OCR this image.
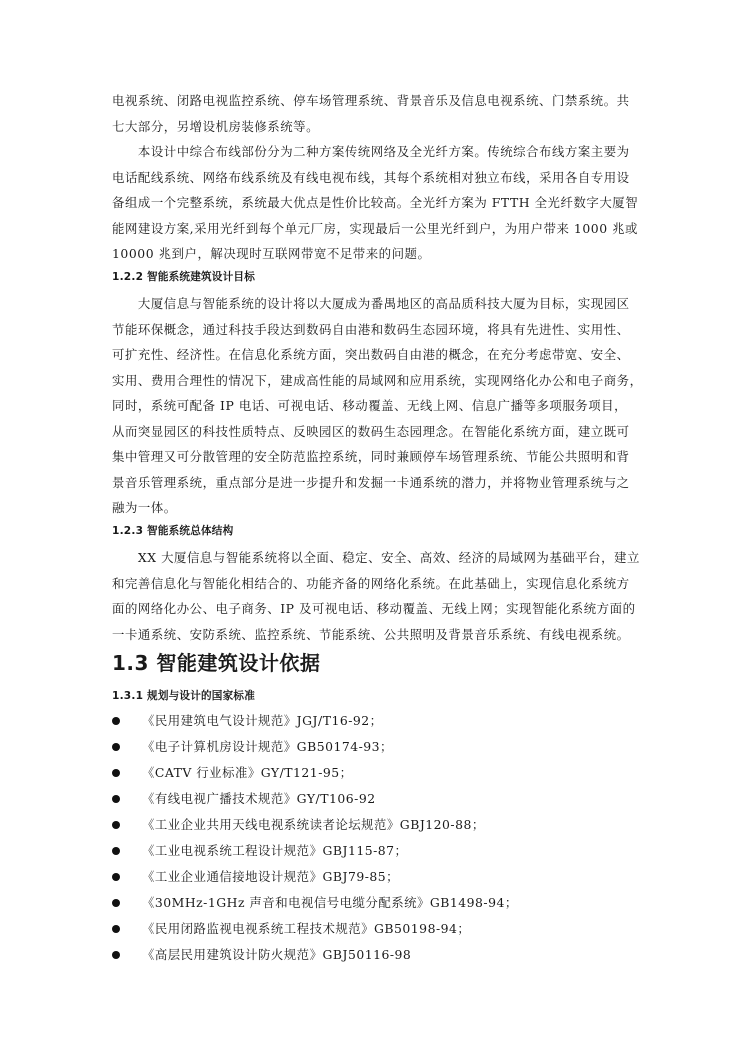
电视系统、闭路电视监控系统、停车场管理系统、背景音乐及信息电视系统、门禁系统。共
七大部分，另增设机房装修系统等。
　　本设计中综合布线部份分为二种方案传统网络及全光纤方案。传统综合布线方案主要为
电话配线系统、网络布线系统及有线电视布线，其每个系统相对独立布线，采用各自专用设
备组成一个完整系统，系统最大优点是性价比较高。全光纤方案为 FTTH 全光纤数字大厦智
能网建设方案,采用光纤到每个单元厂房，实现最后一公里光纤到户，为用户带来 1000 兆或
10000 兆到户，解决现时互联网带宽不足带来的问题。
1.2.2 智能系统建筑设计目标
　　大厦信息与智能系统的设计将以大厦成为番禺地区的高品质科技大厦为目标，实现园区
节能环保概念，通过科技手段达到数码自由港和数码生态园环境，将具有先进性、实用性、
可扩充性、经济性。在信息化系统方面，突出数码自由港的概念，在充分考虑带宽、安全、
实用、费用合理性的情况下，建成高性能的局域网和应用系统，实现网络化办公和电子商务，
同时，系统可配备 IP 电话、可视电话、移动覆盖、无线上网、信息广播等多项服务项目，
从而突显园区的科技性质特点、反映园区的数码生态园理念。在智能化系统方面，建立既可
集中管理又可分散管理的安全防范监控系统，同时兼顾停车场管理系统、节能公共照明和背
景音乐管理系统，重点部分是进一步提升和发掘一卡通系统的潜力，并将物业管理系统与之
融为一体。
1.2.3 智能系统总体结构
　　XX 大厦信息与智能系统将以全面、稳定、安全、高效、经济的局域网为基础平台，建立
和完善信息化与智能化相结合的、功能齐备的网络化系统。在此基础上，实现信息化系统方
面的网络化办公、电子商务、IP 及可视电话、移动覆盖、无线上网；实现智能化系统方面的
一卡通系统、安防系统、监控系统、节能系统、公共照明及背景音乐系统、有线电视系统。
1.3 智能建筑设计依据
1.3.1 规划与设计的国家标准
《民用建筑电气设计规范》JGJ/T16-92；
《电子计算机房设计规范》GB50174-93；
《CATV 行业标准》GY/T121-95；
《有线电视广播技术规范》GY/T106-92
《工业企业共用天线电视系统读者论坛规范》GBJ120-88；
《工业电视系统工程设计规范》GBJ115-87；
《工业企业通信接地设计规范》GBJ79-85；
《30MHz-1GHz 声音和电视信号电缆分配系统》GB1498-94；
《民用闭路监视电视系统工程技术规范》GB50198-94；
《高层民用建筑设计防火规范》GBJ50116-98
